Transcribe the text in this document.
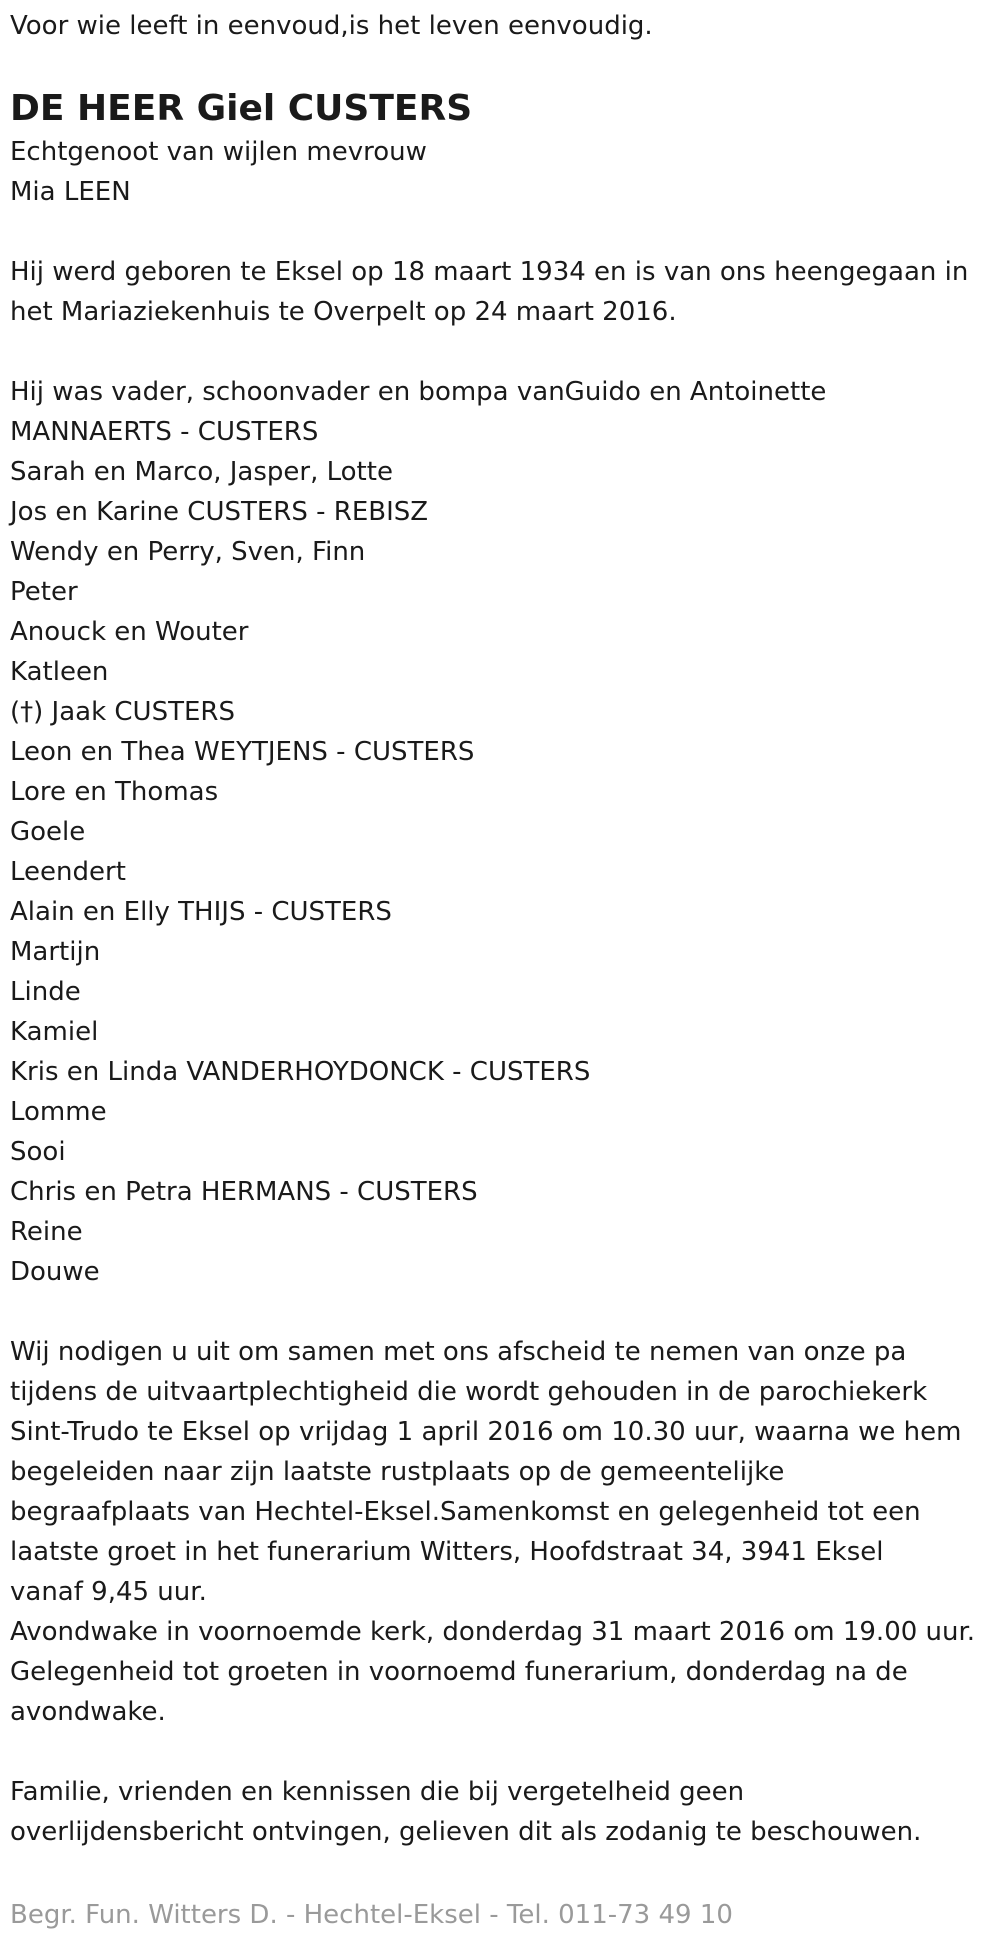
Voor wie leeft in eenvoud,is het leven eenvoudig.
DE HEER Giel CUSTERS
Echtgenoot van wijlen mevrouw
Mia LEEN
Hij werd geboren te Eksel op 18 maart 1934 en is van ons heengegaan in
het Mariaziekenhuis te Overpelt op 24 maart 2016.
Hij was vader, schoonvader en bompa vanGuido en Antoinette
MANNAERTS - CUSTERS
Sarah en Marco, Jasper, Lotte
Jos en Karine CUSTERS - REBISZ
Wendy en Perry, Sven, Finn
Peter
Anouck en Wouter
Katleen
(†) Jaak CUSTERS
Leon en Thea WEYTJENS - CUSTERS
Lore en Thomas
Goele
Leendert
Alain en Elly THIJS - CUSTERS
Martijn
Linde
Kamiel
Kris en Linda VANDERHOYDONCK - CUSTERS
Lomme
Sooi
Chris en Petra HERMANS - CUSTERS
Reine
Douwe
Wij nodigen u uit om samen met ons afscheid te nemen van onze pa
tijdens de uitvaartplechtigheid die wordt gehouden in de parochiekerk
Sint-Trudo te Eksel op vrijdag 1 april 2016 om 10.30 uur, waarna we hem
begeleiden naar zijn laatste rustplaats op de gemeentelijke
begraafplaats van Hechtel-Eksel.Samenkomst en gelegenheid tot een
laatste groet in het funerarium Witters, Hoofdstraat 34, 3941 Eksel
vanaf 9,45 uur.
Avondwake in voornoemde kerk, donderdag 31 maart 2016 om 19.00 uur.
Gelegenheid tot groeten in voornoemd funerarium, donderdag na de
avondwake.
Familie, vrienden en kennissen die bij vergetelheid geen
overlijdensbericht ontvingen, gelieven dit als zodanig te beschouwen.
Begr. Fun. Witters D. - Hechtel-Eksel - Tel. 011-73 49 10
